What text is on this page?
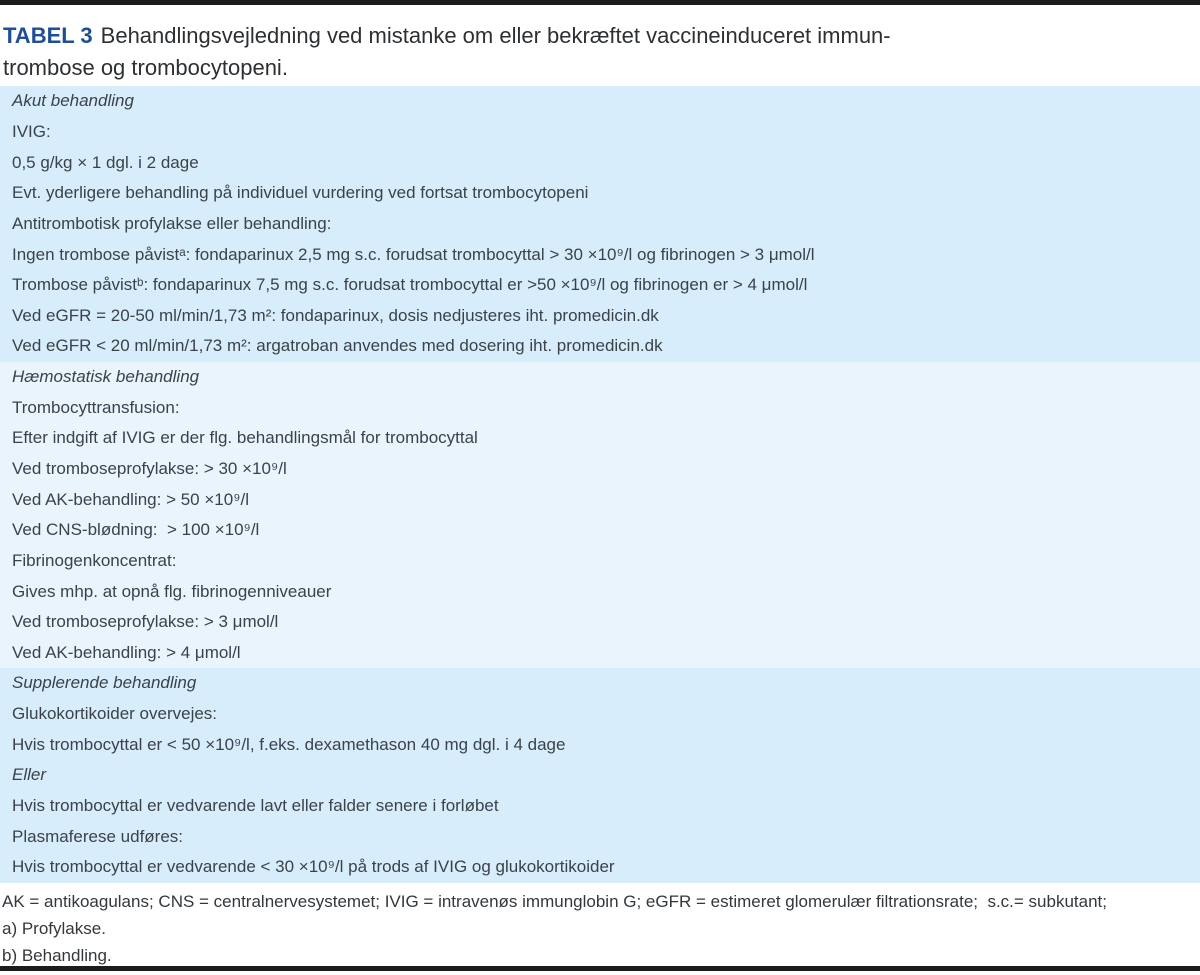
TABEL 3 Behandlingsvejledning ved mistanke om eller bekræftet vaccineinduceret immun-
trombose og trombocytopeni.
Akut behandling
IVIG:
0,5 g/kg × 1 dgl. i 2 dage
Evt. yderligere behandling på individuel vurdering ved fortsat trombocytopeni
Antitrombotisk profylakse eller behandling:
Ingen trombose påvistᵃ: fondaparinux 2,5 mg s.c. forudsat trombocyttal > 30 ×10⁹/l og fibrinogen > 3 μmol/l
Trombose påvistᵇ: fondaparinux 7,5 mg s.c. forudsat trombocyttal er >50 ×10⁹/l og fibrinogen er > 4 μmol/l
Ved eGFR = 20-50 ml/min/1,73 m²: fondaparinux, dosis nedjusteres iht. promedicin.dk
Ved eGFR < 20 ml/min/1,73 m²: argatroban anvendes med dosering iht. promedicin.dk
Hæmostatisk behandling
Trombocyttransfusion:
Efter indgift af IVIG er der flg. behandlingsmål for trombocyttal
Ved tromboseprofylakse: > 30 ×10⁹/l
Ved AK-behandling: > 50 ×10⁹/l
Ved CNS-blødning:  > 100 ×10⁹/l
Fibrinogenkoncentrat:
Gives mhp. at opnå flg. fibrinogenniveauer
Ved tromboseprofylakse: > 3 μmol/l
Ved AK-behandling: > 4 μmol/l
Supplerende behandling
Glukokortikoider overvejes:
Hvis trombocyttal er < 50 ×10⁹/l, f.eks. dexamethason 40 mg dgl. i 4 dage
Eller
Hvis trombocyttal er vedvarende lavt eller falder senere i forløbet
Plasmaferese udføres:
Hvis trombocyttal er vedvarende < 30 ×10⁹/l på trods af IVIG og glukokortikoider
AK = antikoagulans; CNS = centralnervesystemet; IVIG = intravenøs immunglobin G; eGFR = estimeret glomerulær filtrationsrate;  s.c.= subkutant;
a) Profylakse.
b) Behandling.
